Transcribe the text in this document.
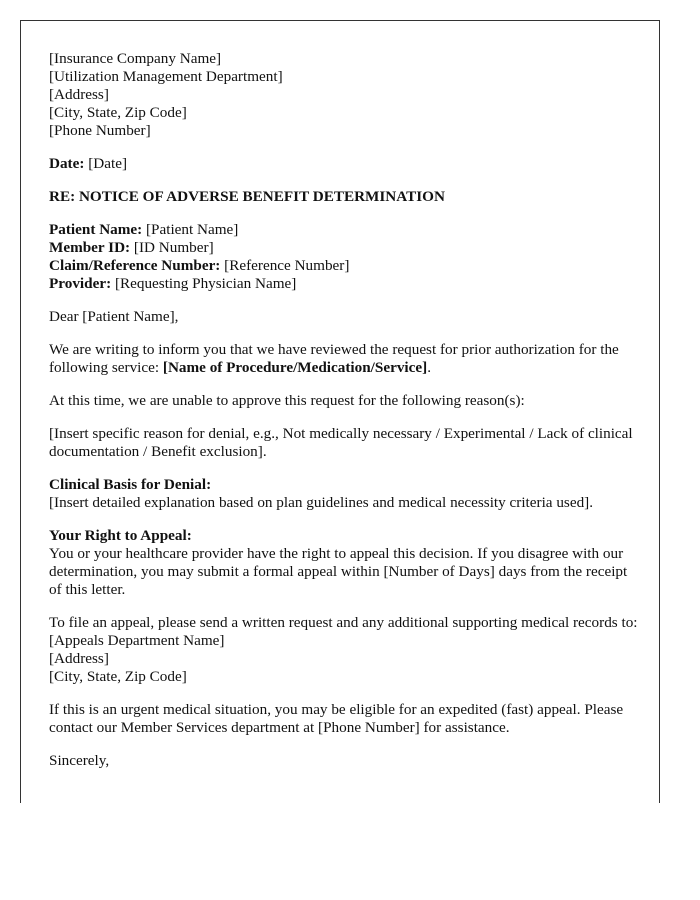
[Insurance Company Name]
[Utilization Management Department]
[Address]
[City, State, Zip Code]
[Phone Number]

Date: [Date]

RE: NOTICE OF ADVERSE BENEFIT DETERMINATION

Patient Name: [Patient Name]
Member ID: [ID Number]
Claim/Reference Number: [Reference Number]
Provider: [Requesting Physician Name]

Dear [Patient Name],

We are writing to inform you that we have reviewed the request for prior authorization for the following service: [Name of Procedure/Medication/Service].

At this time, we are unable to approve this request for the following reason(s):

[Insert specific reason for denial, e.g., Not medically necessary / Experimental / Lack of clinical documentation / Benefit exclusion].

Clinical Basis for Denial:
[Insert detailed explanation based on plan guidelines and medical necessity criteria used].

Your Right to Appeal:
You or your healthcare provider have the right to appeal this decision. If you disagree with our determination, you may submit a formal appeal within [Number of Days] days from the receipt of this letter.

To file an appeal, please send a written request and any additional supporting medical records to:
[Appeals Department Name]
[Address]
[City, State, Zip Code]

If this is an urgent medical situation, you may be eligible for an expedited (fast) appeal. Please contact our Member Services department at [Phone Number] for assistance.

Sincerely,
